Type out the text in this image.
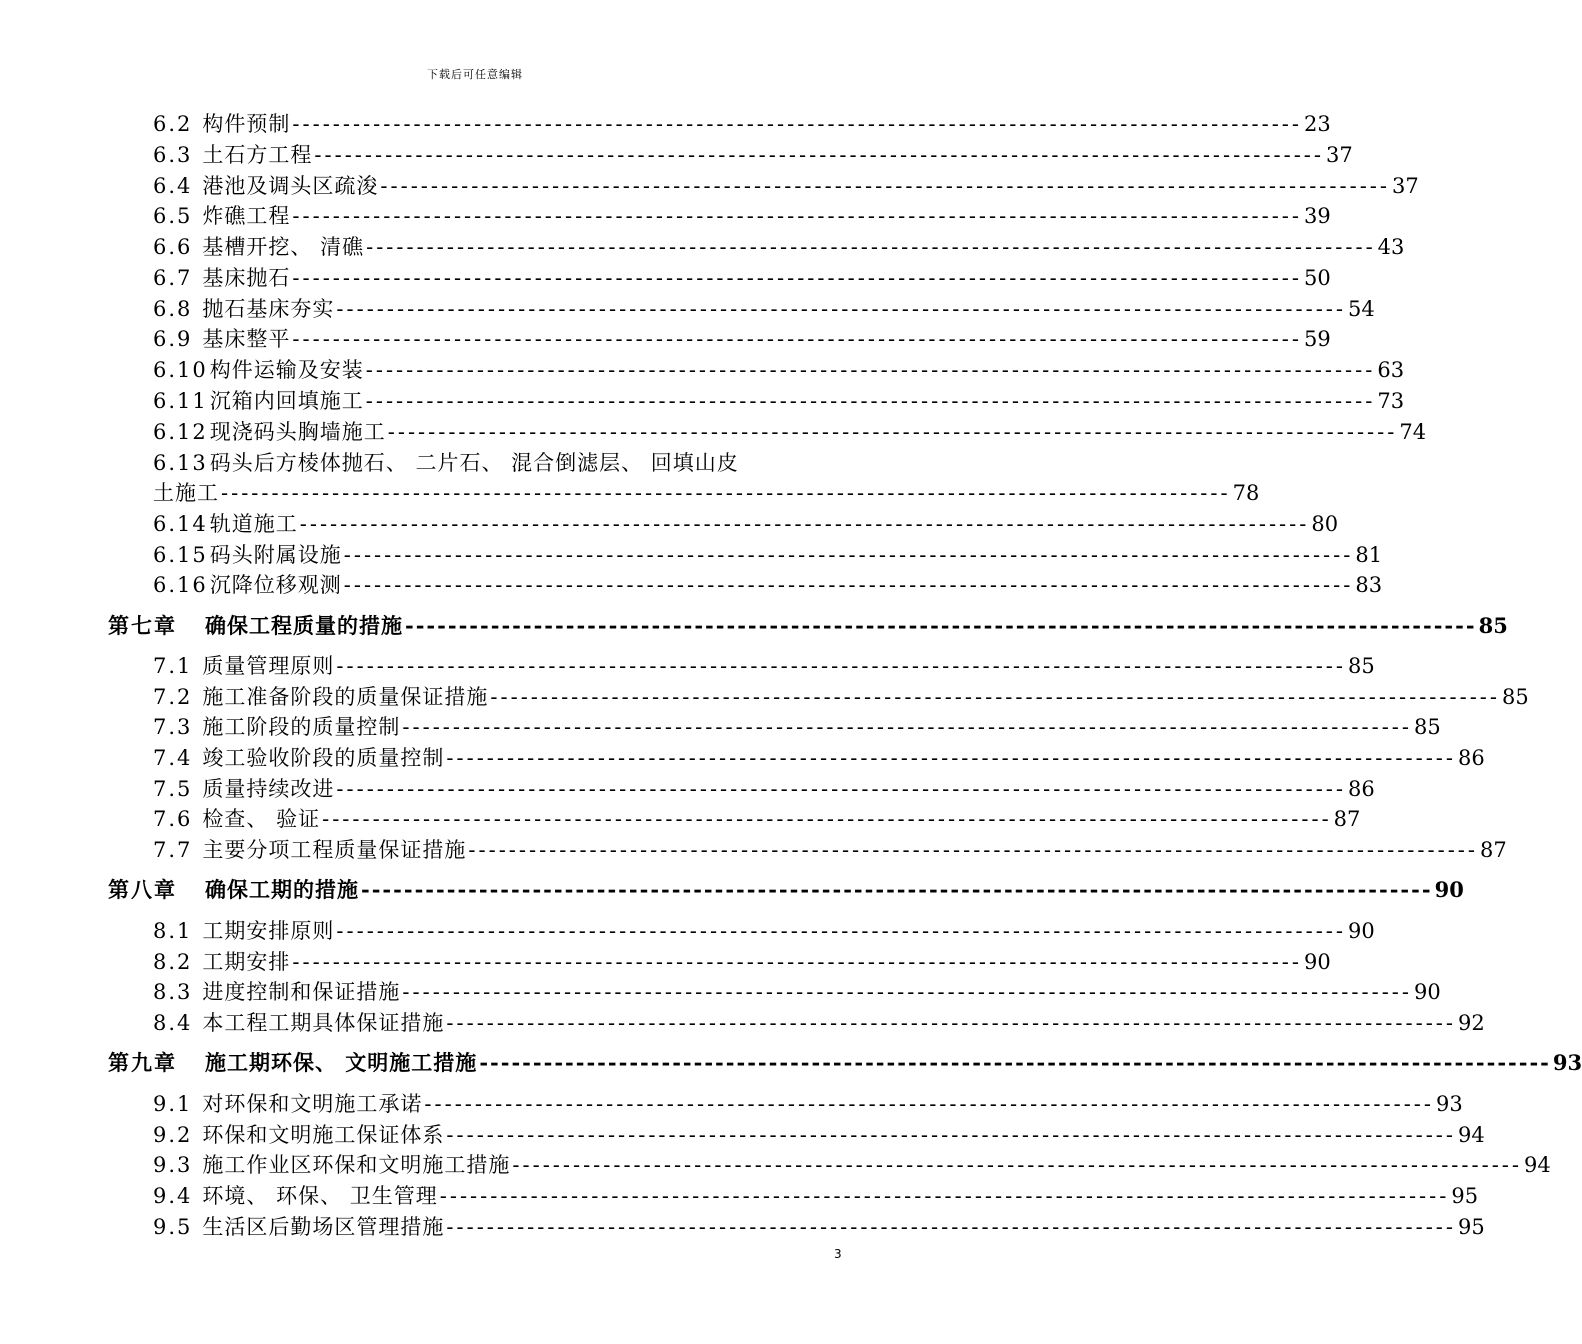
下载后可任意编辑
6.2 构件预制 ---------------------------------------------------------------------------------------------------- 23
6.3 土石方工程 ---------------------------------------------------------------------------------------------------- 37
6.4 港池及调头区疏浚 ---------------------------------------------------------------------------------------------------- 37
6.5 炸礁工程 ---------------------------------------------------------------------------------------------------- 39
6.6 基槽开挖、 清礁 ---------------------------------------------------------------------------------------------------- 43
6.7 基床抛石 ---------------------------------------------------------------------------------------------------- 50
6.8 抛石基床夯实 ---------------------------------------------------------------------------------------------------- 54
6.9 基床整平 ---------------------------------------------------------------------------------------------------- 59
6.10 构件运输及安装 ---------------------------------------------------------------------------------------------------- 63
6.11 沉箱内回填施工 ---------------------------------------------------------------------------------------------------- 73
6.12 现浇码头胸墙施工 ---------------------------------------------------------------------------------------------------- 74
6.13 码头后方棱体抛石、 二片石、 混合倒滤层、 回填山皮
土施工 ---------------------------------------------------------------------------------------------------- 78
6.14 轨道施工 ---------------------------------------------------------------------------------------------------- 80
6.15 码头附属设施 ---------------------------------------------------------------------------------------------------- 81
6.16 沉降位移观测 ---------------------------------------------------------------------------------------------------- 83
第七章 确保工程质量的措施 ---------------------------------------------------------------------------------------------------- 85
7.1 质量管理原则 ---------------------------------------------------------------------------------------------------- 85
7.2 施工准备阶段的质量保证措施 ---------------------------------------------------------------------------------------------------- 85
7.3 施工阶段的质量控制 ---------------------------------------------------------------------------------------------------- 85
7.4 竣工验收阶段的质量控制 ---------------------------------------------------------------------------------------------------- 86
7.5 质量持续改进 ---------------------------------------------------------------------------------------------------- 86
7.6 检查、 验证 ---------------------------------------------------------------------------------------------------- 87
7.7 主要分项工程质量保证措施 ---------------------------------------------------------------------------------------------------- 87
第八章 确保工期的措施 ---------------------------------------------------------------------------------------------------- 90
8.1 工期安排原则 ---------------------------------------------------------------------------------------------------- 90
8.2 工期安排 ---------------------------------------------------------------------------------------------------- 90
8.3 进度控制和保证措施 ---------------------------------------------------------------------------------------------------- 90
8.4 本工程工期具体保证措施 ---------------------------------------------------------------------------------------------------- 92
第九章 施工期环保、 文明施工措施 ---------------------------------------------------------------------------------------------------- 93
9.1 对环保和文明施工承诺 ---------------------------------------------------------------------------------------------------- 93
9.2 环保和文明施工保证体系 ---------------------------------------------------------------------------------------------------- 94
9.3 施工作业区环保和文明施工措施 ---------------------------------------------------------------------------------------------------- 94
9.4 环境、 环保、 卫生管理 ---------------------------------------------------------------------------------------------------- 95
9.5 生活区后勤场区管理措施 ---------------------------------------------------------------------------------------------------- 95
3
